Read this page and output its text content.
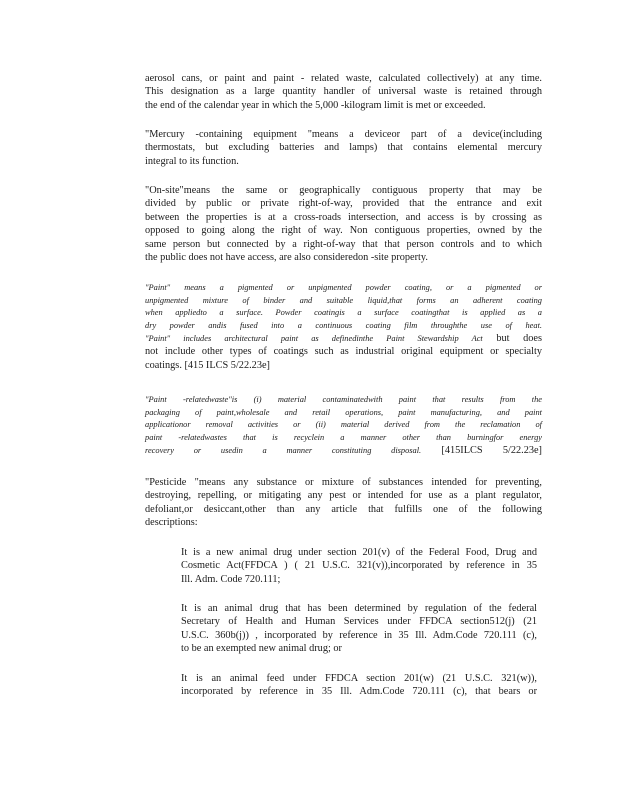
aerosol cans, or paint and paint - related waste, calculated collectively) at any time.
This designation as a large quantity handler of universal waste is retained through
the end of the calendar year in which the 5,000 -kilogram limit is met or exceeded.
"Mercury -containing equipment "means a deviceor part of a device(including
thermostats, but excluding batteries and lamps) that contains elemental mercury
integral to its function.
"On-site"means the same or geographically contiguous property that may be
divided by public or private right-of-way, provided that the entrance and exit
between the properties is at a cross-roads intersection, and access is by crossing as
opposed to going along the right of way. Non contiguous properties, owned by the
same person but connected by a right-of-way that that person controls and to which
the public does not have access, are also consideredon -site property.
"Paint" means a pigmented or unpigmented powder coating, or a pigmented or
unpigmented mixture of binder and suitable liquid,that forms an adherent coating
when appliedto a surface. Powder coatingis a surface coatingthat is applied as a
dry powder andis fused into a continuous coating film throughthe use of heat.
"Paint" includes architectural paint as definedinthe Paint Stewardship Act but does
not include other types of coatings such as industrial original equipment or specialty
coatings. [415 ILCS 5/22.23e]
"Paint -relatedwaste"is (i) material contaminatedwith paint that results from the
packaging of paint,wholesale and retail operations, paint manufacturing, and paint
applicationor removal activities or (ii) material derived from the reclamation of
paint -relatedwastes that is recyclein a manner other than burningfor energy
recovery or usedin a manner constituting disposal. [415ILCS 5/22.23e]
"Pesticide "means any substance or mixture of substances intended for preventing,
destroying, repelling, or mitigating any pest or intended for use as a plant regulator,
defoliant,or desiccant,other than any article that fulfills one of the following
descriptions:
It is a new animal drug under section 201(v) of the Federal Food, Drug and
Cosmetic Act(FFDCA ) ( 21 U.S.C. 321(v)),incorporated by reference in 35
Ill. Adm. Code 720.111;
It is an animal drug that has been determined by regulation of the federal
Secretary of Health and Human Services under FFDCA section512(j) (21
U.S.C. 360b(j)) , incorporated by reference in 35 Ill. Adm.Code 720.111 (c),
to be an exempted new animal drug; or
It is an animal feed under FFDCA section 201(w) (21 U.S.C. 321(w)),
incorporated by reference in 35 Ill. Adm.Code 720.111 (c), that bears or
